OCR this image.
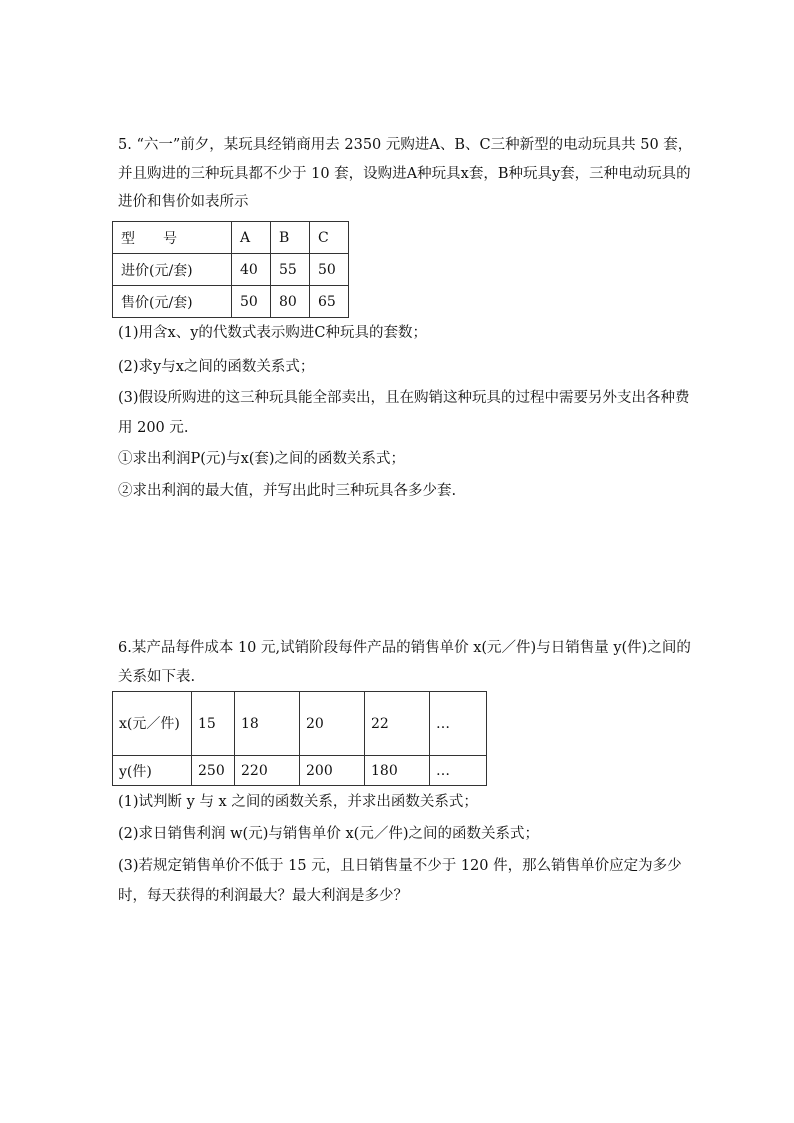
5. “六一”前夕，某玩具经销商用去 2350 元购进A、B、C三种新型的电动玩具共 50 套，并且购进的三种玩具都不少于 10 套，设购进A种玩具x套，B种玩具y套，三种电动玩具的进价和售价如表所示

型　　号	A	B	C
进价(元/套)	40	55	50
售价(元/套)	50	80	65
(1)用含x、y的代数式表示购进C种玩具的套数；
(2)求y与x之间的函数关系式；

(3)假设所购进的这三种玩具能全部卖出，且在购销这种玩具的过程中需要另外支出各种费用 200 元.

①求出利润P(元)与x(套)之间的函数关系式；
②求出利润的最大值，并写出此时三种玩具各多少套.

6.某产品每件成本 10 元,试销阶段每件产品的销售单价 x(元／件)与日销售量 y(件)之间的关系如下表.

x(元／件)	15	18	20	22	…
y(件)	250	220	200	180	…
(1)试判断 y 与 x 之间的函数关系，并求出函数关系式；
(2)求日销售利润 w(元)与销售单价 x(元／件)之间的函数关系式；

(3)若规定销售单价不低于 15 元，且日销售量不少于 120 件，那么销售单价应定为多少时，每天获得的利润最大？最大利润是多少？
